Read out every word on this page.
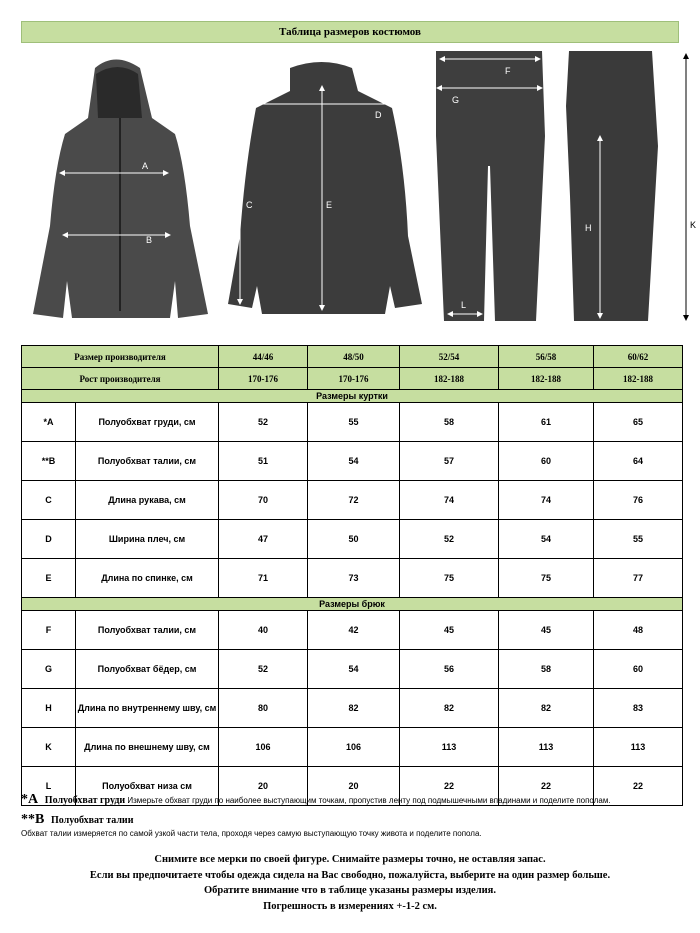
Таблица размеров костюмов
A
B
D
C	E
F
G
L
H	K
Размер производителя		44/46	48/50	52/54	56/58	60/62
Рост производителя		170-176	170-176	182-188	182-188	182-188
Размеры куртки						
*A	Полуобхват груди, см	52	55	58	61	65
**B	Полуобхват талии, см	51	54	57	60	64
C	Длина рукава, см	70	72	74	74	76
D	Ширина плеч, см	47	50	52	54	55
E	Длина по спинке, см	71	73	75	75	77
Размеры брюк						
F	Полуобхват талии, см	40	42	45	45	48
G	Полуобхват бёдер, см	52	54	56	58	60
H	Длина по внутреннему шву, см	80	82	82	82	83
K	Длина по внешнему шву, см	106	106	113	113	113
L	Полуобхват низа см	20	20	22	22	22
*A Полуобхват груди Измерьте обхват груди по наиболее выступающим точкам, пропустив ленту под подмышечными впадинами и поделите пополам.
**B Полуобхват талии
Обхват талии измеряется по самой узкой части тела, проходя через самую выступающую точку живота и поделите попола.
Снимите все мерки по своей фигуре. Снимайте размеры точно, не оставляя запас.
Если вы предпочитаете чтобы одежда сидела на Вас свободно, пожалуйста, выберите на один размер больше.
Обратите внимание что в таблице указаны размеры изделия.
Погрешность в измерениях +-1-2 см.
